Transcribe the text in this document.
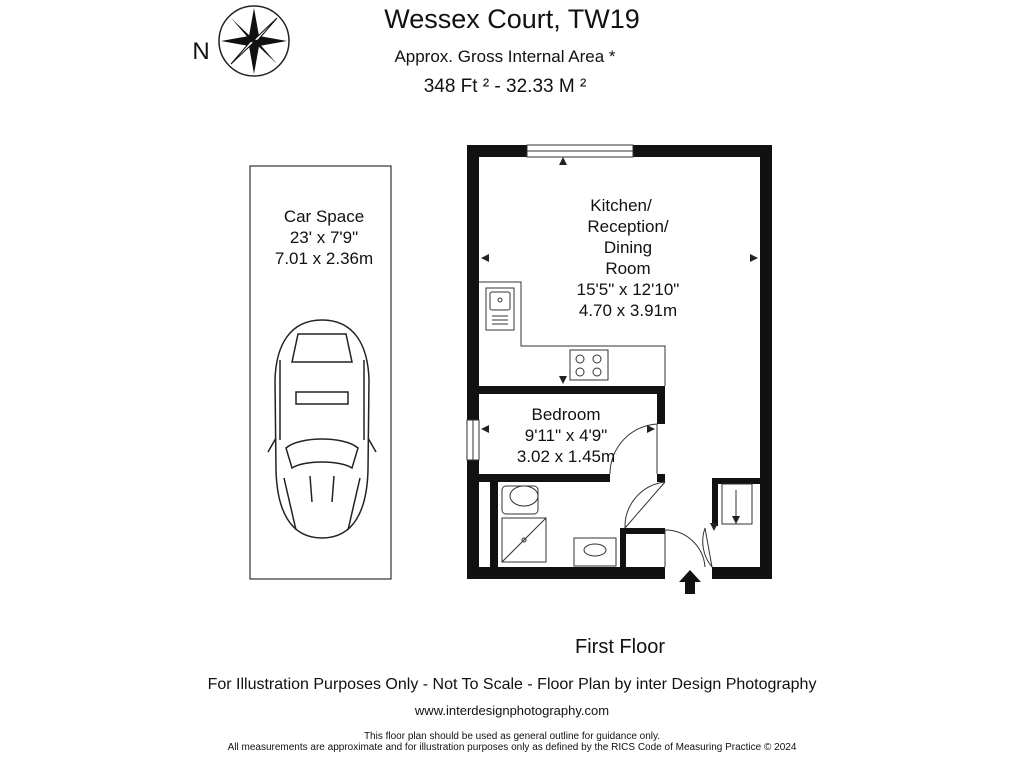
Wessex Court, TW19
Approx. Gross Internal Area *
348 Ft ² - 32.33 M ²
N
Car Space
23' x 7'9"
7.01 x 2.36m
Kitchen/
Reception/
Dining
Room
15'5" x 12'10"
4.70 x 3.91m
Bedroom
9'11" x 4'9"
3.02 x 1.45m
First Floor
For Illustration Purposes Only - Not To Scale - Floor Plan by inter Design Photography
www.interdesignphotography.com
This floor plan should be used as general outline for guidance only.
All measurements are approximate and for illustration purposes only as defined by the RICS Code of Measuring Practice © 2024
